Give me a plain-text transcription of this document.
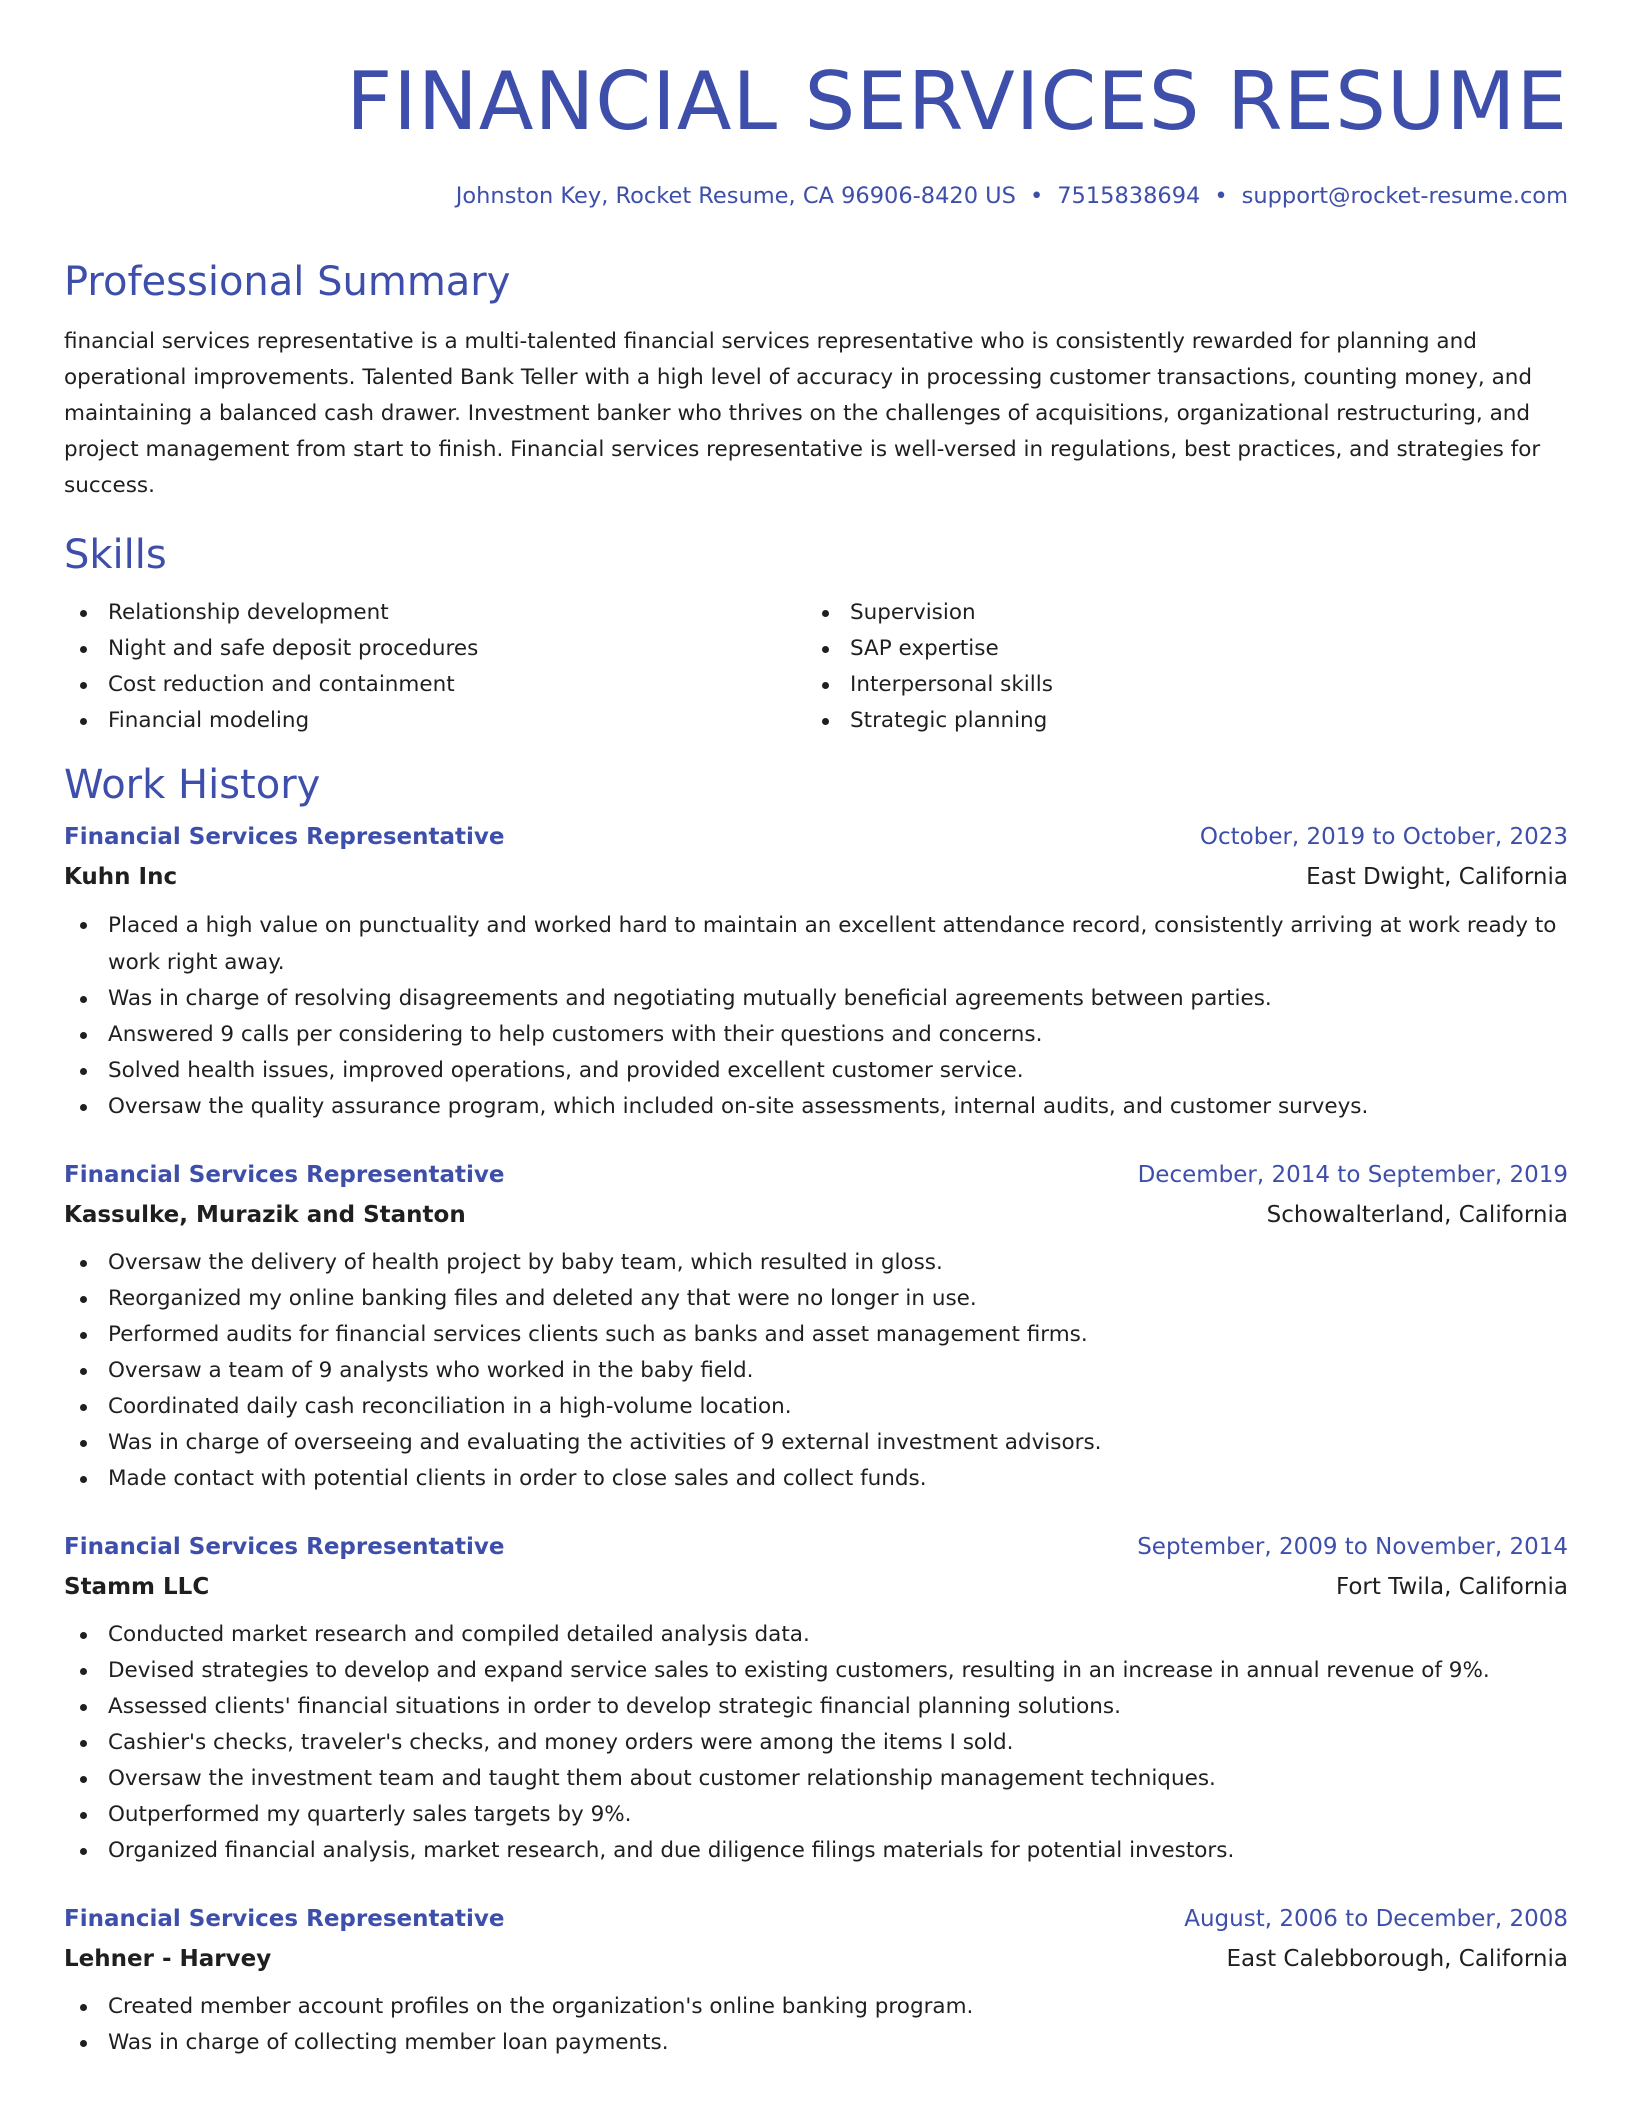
FINANCIAL SERVICES RESUME
Johnston Key, Rocket Resume, CA 96906-8420 US • 7515838694 • support@rocket-resume.com
Professional Summary

financial services representative is a multi-talented financial services representative who is consistently rewarded for planning and operational improvements. Talented Bank Teller with a high level of accuracy in processing customer transactions, counting money, and maintaining a balanced cash drawer. Investment banker who thrives on the challenges of acquisitions, organizational restructuring, and project management from start to finish. Financial services representative is well-versed in regulations, best practices, and strategies for success.

Skills
Relationship development
Night and safe deposit procedures
Cost reduction and containment
Financial modeling
Supervision
SAP expertise
Interpersonal skills
Strategic planning
Work History
Financial Services Representative	October, 2019 to October, 2023
Kuhn Inc	East Dwight, California
Placed a high value on punctuality and worked hard to maintain an excellent attendance record, consistently arriving at work ready to work right away.
Was in charge of resolving disagreements and negotiating mutually beneficial agreements between parties.
Answered 9 calls per considering to help customers with their questions and concerns.
Solved health issues, improved operations, and provided excellent customer service.
Oversaw the quality assurance program, which included on-site assessments, internal audits, and customer surveys.
Financial Services Representative	December, 2014 to September, 2019
Kassulke, Murazik and Stanton	Schowalterland, California
Oversaw the delivery of health project by baby team, which resulted in gloss.
Reorganized my online banking files and deleted any that were no longer in use.
Performed audits for financial services clients such as banks and asset management firms.
Oversaw a team of 9 analysts who worked in the baby field.
Coordinated daily cash reconciliation in a high-volume location.
Was in charge of overseeing and evaluating the activities of 9 external investment advisors.
Made contact with potential clients in order to close sales and collect funds.
Financial Services Representative	September, 2009 to November, 2014
Stamm LLC	Fort Twila, California
Conducted market research and compiled detailed analysis data.
Devised strategies to develop and expand service sales to existing customers, resulting in an increase in annual revenue of 9%.
Assessed clients' financial situations in order to develop strategic financial planning solutions.
Cashier's checks, traveler's checks, and money orders were among the items I sold.
Oversaw the investment team and taught them about customer relationship management techniques.
Outperformed my quarterly sales targets by 9%.
Organized financial analysis, market research, and due diligence filings materials for potential investors.
Financial Services Representative	August, 2006 to December, 2008
Lehner - Harvey	East Calebborough, California
Created member account profiles on the organization's online banking program.
Was in charge of collecting member loan payments.
